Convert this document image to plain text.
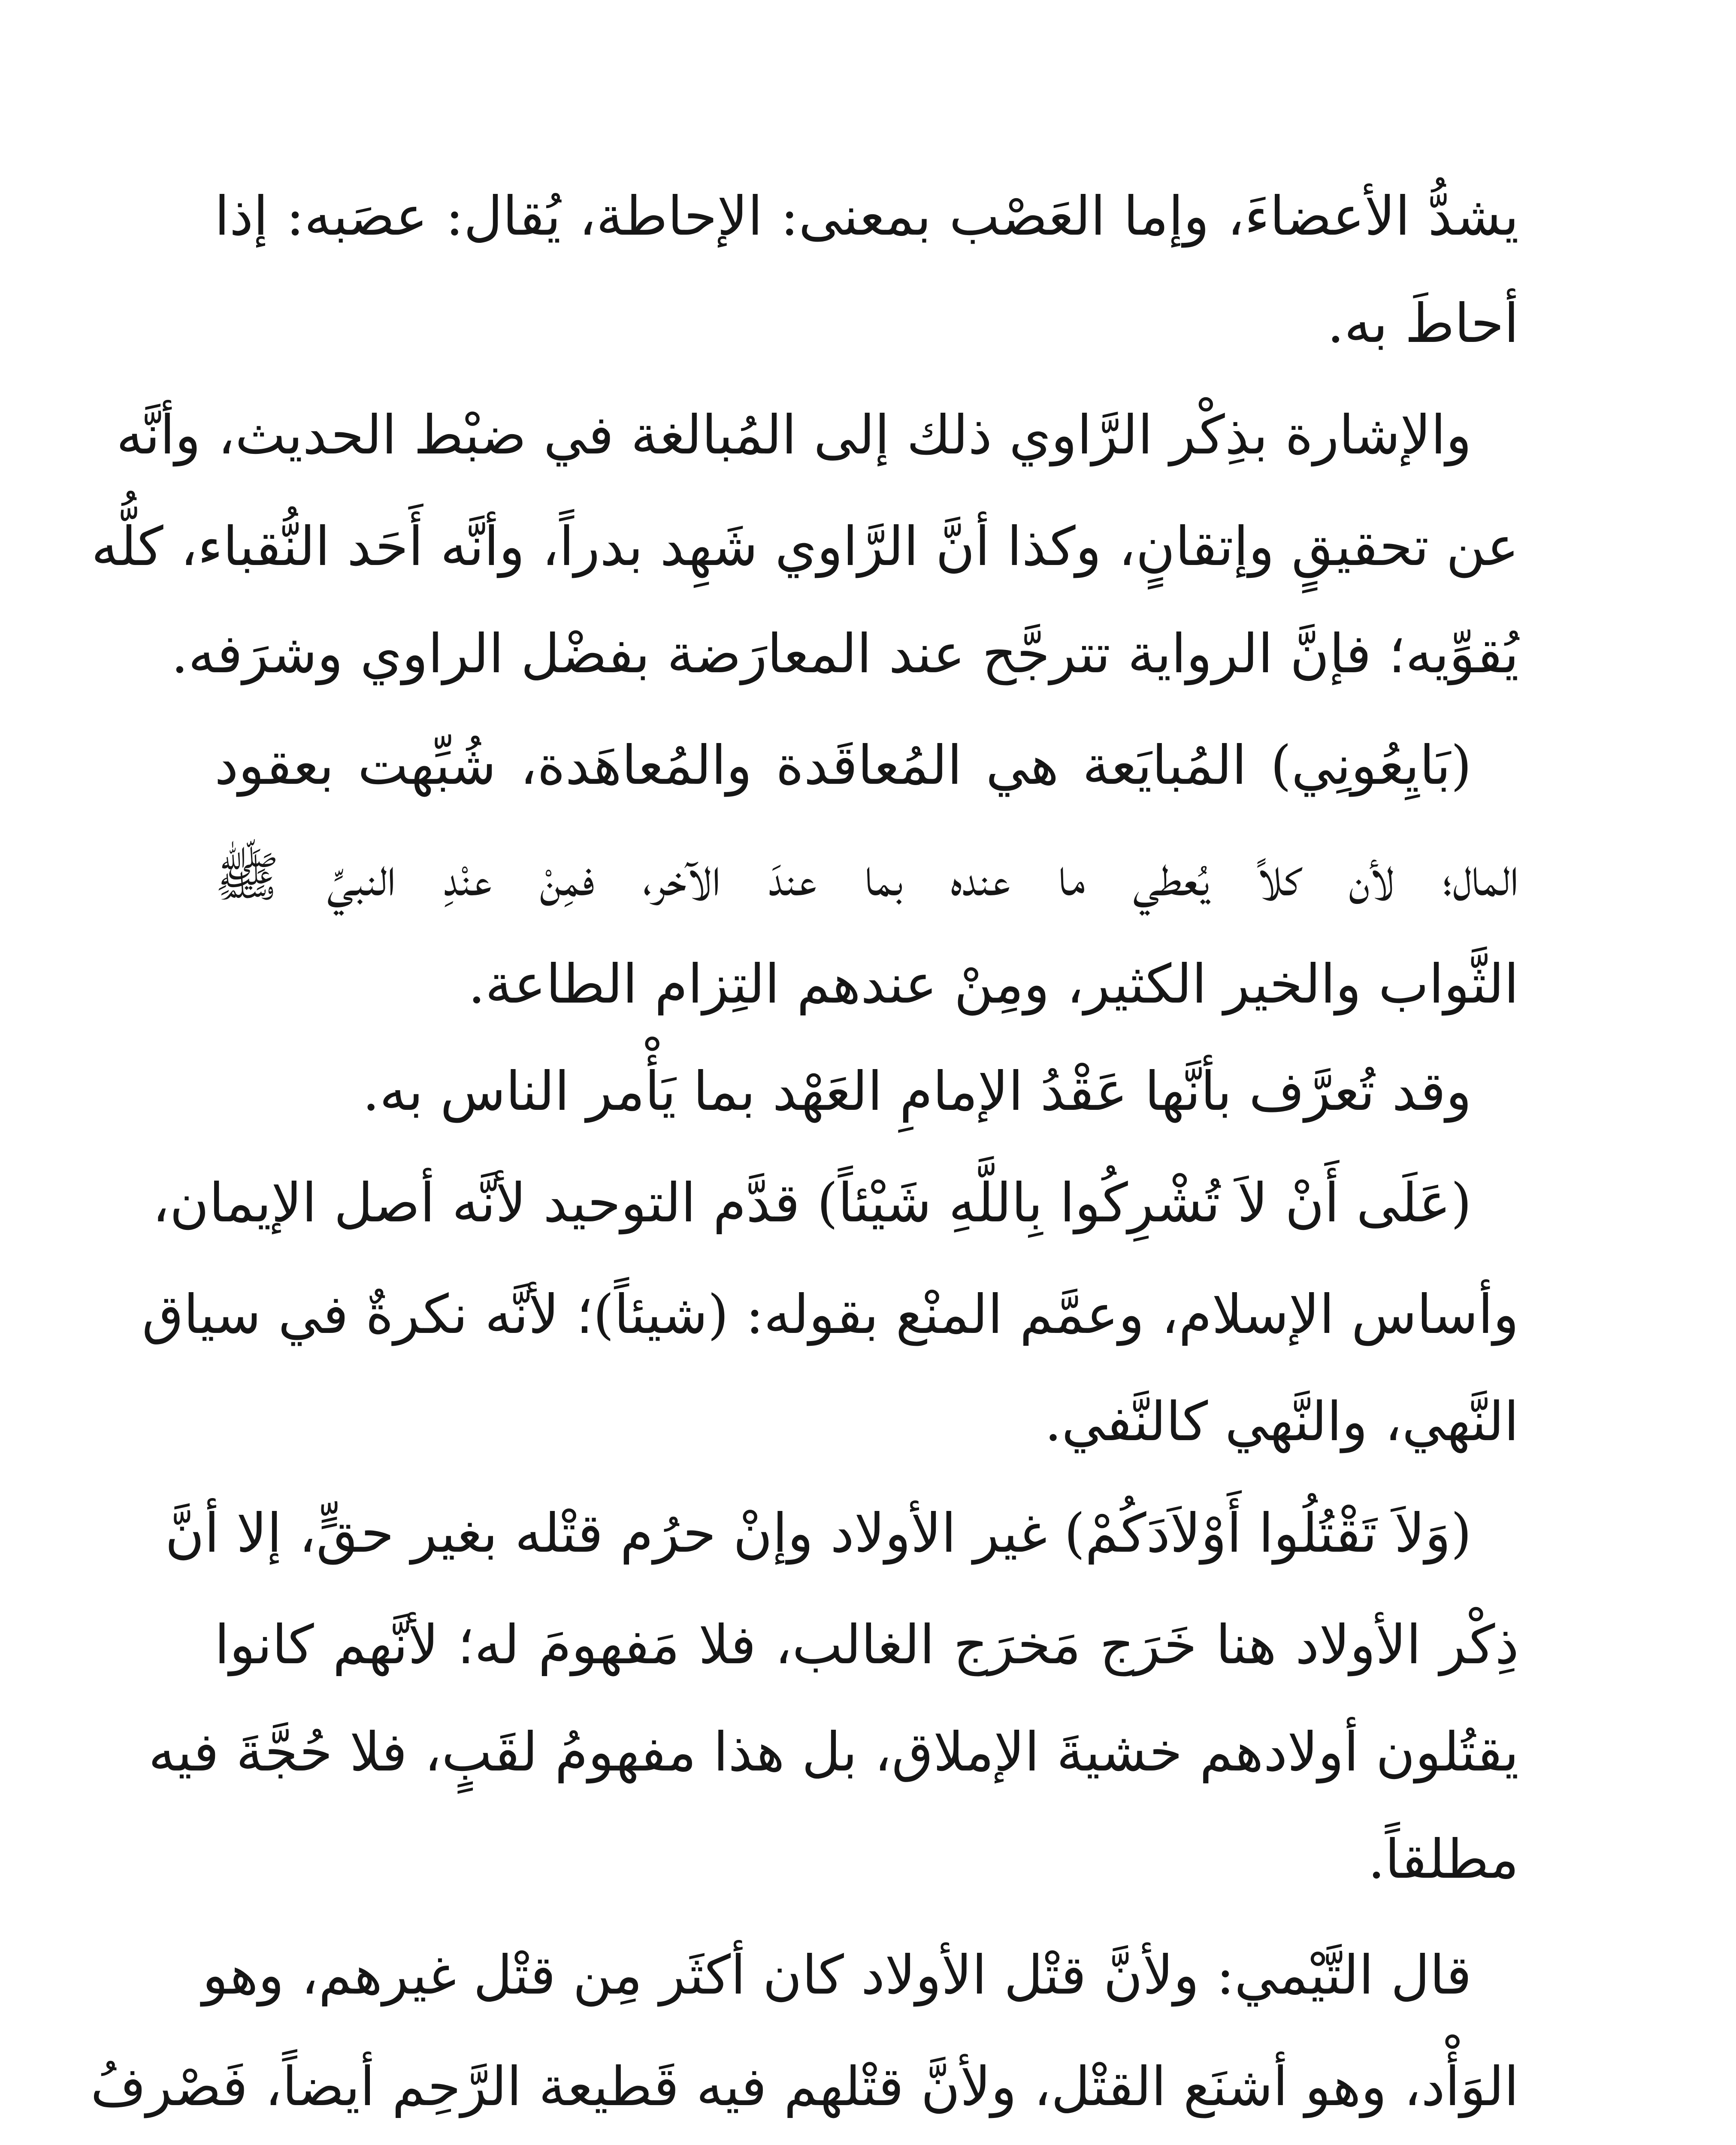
يشدُّ الأعضاءَ، وإما العَصْب بمعنى: الإحاطة، يُقال: عصَبه: إذا
أحاطَ به.
والإشارة بذِكْر الرَّاوي ذلك إلى المُبالغة في ضبْط الحديث، وأنَّه
عن تحقيقٍ وإتقانٍ، وكذا أنَّ الرَّاوي شَهِد بدراً، وأنَّه أَحَد النُّقباء، كلُّه
يُقوِّيه؛ فإنَّ الرواية تترجَّح عند المعارَضة بفضْل الراوي وشرَفه.
(بَايِعُونِي) المُبايَعة هي المُعاقَدة والمُعاهَدة، شُبِّهت بعقود
المال؛ لأن كلاً يُعطي ما عنده بما عندَ الآخر، فمِنْ عنْدِ النبيِّ ﷺ
الثَّواب والخير الكثير، ومِنْ عندهم التِزام الطاعة.
وقد تُعرَّف بأنَّها عَقْدُ الإمامِ العَهْد بما يَأْمر الناس به.
(عَلَى أَنْ لاَ تُشْرِكُوا بِاللَّهِ شَيْئاً) قدَّم التوحيد لأنَّه أصل الإيمان،
وأساس الإسلام، وعمَّم المنْع بقوله: (شيئاً)؛ لأنَّه نكرةٌ في سياق
النَّهي، والنَّهي كالنَّفي.
(وَلاَ تَقْتُلُوا أَوْلاَدَكُمْ) غير الأولاد وإنْ حرُم قتْله بغير حقٍّ، إلا أنَّ
ذِكْر الأولاد هنا خَرَج مَخرَج الغالب، فلا مَفهومَ له؛ لأنَّهم كانوا
يقتُلون أولادهم خشيةَ الإملاق، بل هذا مفهومُ لقَبٍ، فلا حُجَّةَ فيه
مطلقاً.
قال التَّيْمي: ولأنَّ قتْل الأولاد كان أكثَر مِن قتْل غيرهم، وهو
الوَأْد، وهو أشنَع القتْل، ولأنَّ قتْلهم فيه قَطيعة الرَّحِم أيضاً، فَصْرفُ
